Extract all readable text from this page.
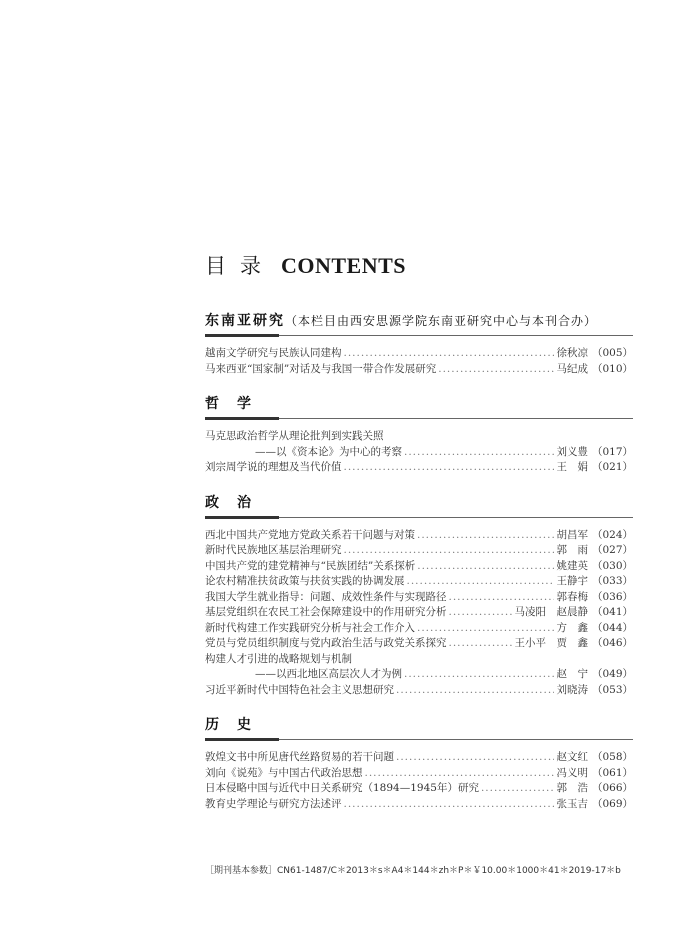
目录 CONTENTS
东南亚研究（本栏目由西安思源学院东南亚研究中心与本刊合办）
越南文学研究与民族认同建构 .....	徐秋凉 （005）
马来西亚“国家制”对话及与我国一带合作发展研究 .....	马纪成 （010）
哲　学
马克思政治哲学从理论批判到实践关照
——以《资本论》为中心的考察 .....	刘义豊 （017）
刘宗周学说的理想及当代价值 .....	王　娟 （021）
政　治
西北中国共产党地方党政关系若干问题与对策 .....	胡昌军 （024）
新时代民族地区基层治理研究 .....	郭　雨 （027）
中国共产党的建党精神与“民族团结”关系探析 .....	姚建英 （030）
论农村精准扶贫政策与扶贫实践的协调发展 .....	王静宇 （033）
我国大学生就业指导：问题、成效性条件与实现路径 .....	郭春梅 （036）
基层党组织在农民工社会保障建设中的作用研究分析 .....	马凌阳　赵晨静 （041）
新时代构建工作实践研究分析与社会工作介入 .....	方　鑫 （044）
党员与党员组织制度与党内政治生活与政党关系探究 .....	王小平　贾　鑫 （046）
构建人才引进的战略规划与机制
——以西北地区高层次人才为例 .....	赵　宁 （049）
习近平新时代中国特色社会主义思想研究 .....	刘晓涛 （053）
历　史
敦煌文书中所见唐代丝路贸易的若干问题 .....	赵文红 （058）
刘向《说苑》与中国古代政治思想 .....	冯义明 （061）
日本侵略中国与近代中日关系研究（1894—1945年）研究 .....	郭　浩 （066）
教育史学理论与研究方法述评 .....	张玉吉 （069）
［期刊基本参数］CN61-1487/C＊2013＊s＊A4＊144＊zh＊P＊￥10.00＊1000＊41＊2019-17＊b
